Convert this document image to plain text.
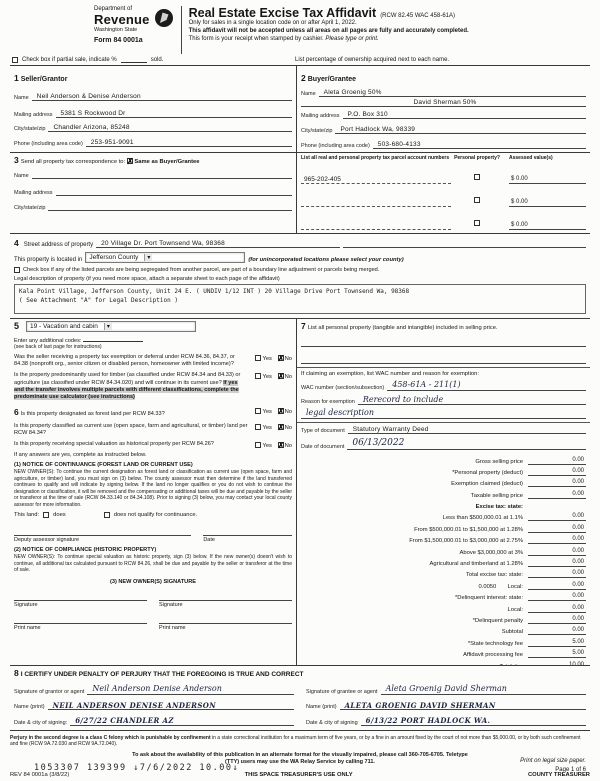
Department of
Revenue
Washington State
Form 84 0001a
Real Estate Excise Tax Affidavit (RCW 82.45 WAC 458-61A)
Only for sales in a single location code on or after April 1, 2022.
This affidavit will not be accepted unless all areas on all pages are fully and accurately completed.
This form is your receipt when stamped by cashier. Please type or print.
Check box if partial sale, indicate %	sold.	List percentage of ownership acquired next to each name.
1 Seller/Grantor
Name	Neil Anderson & Denise Anderson
Mailing address	5381 S Rockwood Dr
City/state/zip	Chandler Arizona, 85248
Phone (including area code)	253-951-9091
2 Buyer/Grantee
Name	Aleta Groenig 50%
David Sherman 50%
Mailing address	P.O. Box 310
City/state/zip	Port Hadlock Wa, 98339
Phone (including area code)	503-680-4133
3 Send all property tax correspondence to: ✗ Same as Buyer/Grantee
Name
Mailing address
City/state/zip
List all real and personal property tax parcel account numbers Personal property?	Assessed value(s)
965-202-405	$ 0.00
$ 0.00
$ 0.00
4 Street address of property	20 Village Dr. Port Townsend Wa, 98368
This property is located in Jefferson County	▾	(for unincorporated locations please select your county)
Check box if any of the listed parcels are being segregated from another parcel, are part of a boundary line adjustment or parcels being merged.
Legal description of property (if you need more space, attach a separate sheet to each page of the affidavit)
Kala Point Village, Jefferson County, Unit 24 E. ( UNDIV 1/12 INT ) 20 Village Drive Port Townsend Wa, 98368
( See Attachment "A" for Legal Description )
5	19 - Vacation and cabin	▾
Enter any additional codes:
(see back of last page for instructions)
Was the seller receiving a property tax exemption or deferral under RCW 84.36, 84.37, or 84.38 (nonprofit org., senior citizen or disabled person, homeowner with limited income)?
Yes ✗ No
Is the property predominantly used for timber (as classified under RCW 84.34 and 84.33) or agriculture (as classified under RCW 84.34.020) and will continue in its current use? If yes and the transfer involves multiple parcels with different classifications, complete the predominate use calculator (see instructions)
Yes ✗ No
6 Is this property designated as forest land per RCW 84.33?	Yes ✗ No
Is this property classified as current use (open space, farm and agricultural, or timber) land per RCW 84.34?
Yes ✗ No
Is this property receiving special valuation as historical property per RCW 84.26?	Yes ✗ No
If any answers are yes, complete as instructed below.
(1) NOTICE OF CONTINUANCE (FOREST LAND OR CURRENT USE)
NEW OWNER(S): To continue the current designation as forest land or classification as current use (open space, farm and agriculture, or timber) land, you must sign on (3) below. The county assessor must then determine if the land transferred continues to qualify and will indicate by signing below. If the land no longer qualifies or you do not wish to continue the designation or classification, it will be removed and the compensating or additional taxes will be due and payable by the seller or transferor at the time of sale (RCW 84.33.140 or 84.34.108). Prior to signing (3) below, you may contact your local county assessor for more information.
This land: does	does not qualify for continuance.
Deputy assessor signature	Date
(2) NOTICE OF COMPLIANCE (HISTORIC PROPERTY)
NEW OWNER(S): To continue special valuation as historic property, sign (3) below. If the new owner(s) doesn't wish to continue, all additional tax calculated pursuant to RCW 84.26, shall be due and payable by the seller or transferor at the time of sale.
(3) NEW OWNER(S) SIGNATURE
Signature	Signature
Print name	Print name
7 List all personal property (tangible and intangible) included in selling price.
If claiming an exemption, list WAC number and reason for exemption:
WAC number (section/subsection)	458-61A - 211(1)
Reason for exemption	Rerecord to include
legal description
Type of document	Statutory Warranty Deed
Date of document 06/13/2022
Gross selling price	0.00
*Personal property (deduct)	0.00
Exemption claimed (deduct)	0.00
Taxable selling price	0.00
Excise tax: state:
Less than $500,000.01 at 1.1%	0.00
From $500,000.01 to $1,500,000 at 1.28%	0.00
From $1,500,000.01 to $3,000,000 at 2.75%	0.00
Above $3,000,000 at 3%	0.00
Agricultural and timberland at 1.28%	0.00
Total excise tax: state:	0.00
0.0050       Local:	0.00
*Delinquent interest: state:	0.00
Local:	0.00
*Delinquent penalty	0.00
Subtotal	0.00
*State technology fee	5.00
Affidavit processing fee	5.00
10.00
8 I CERTIFY UNDER PENALTY OF PERJURY THAT THE FOREGOING IS TRUE AND CORRECT
Signature of grantor or agent	Neil Anderson Denise Anderson	Signature of grantee or agent	Aleta Groenig David Sherman
Name (print)	NEIL ANDERSON DENISE ANDERSON	Name (print)	ALETA GROENIG DAVID SHERMAN
Date & city of signing:	6/27/22 CHANDLER AZ	Date & city of signing	6/13/22 PORT HADLOCK WA.
Perjury in the second degree is a class C felony which is punishable by confinement in a state correctional institution for a maximum term of five years, or by a fine in an amount fixed by the court of not more than $5,000.00, or by both such confinement and fine (RCW 9A.72.030 and RCW 9A.72.040).
To ask about the availability of this publication in an alternate format for the visually impaired, please call 360-705-6705. Teletype
(TTY) users may use the WA Relay Service by calling 711.
REV 84 0001a (3/8/22)	THIS SPACE TREASURER'S USE ONLY	COUNTY TREASURER
1053307 139399 ↓7/6/2022 10.00↓
Print on legal size paper.
Page 1 of 6
